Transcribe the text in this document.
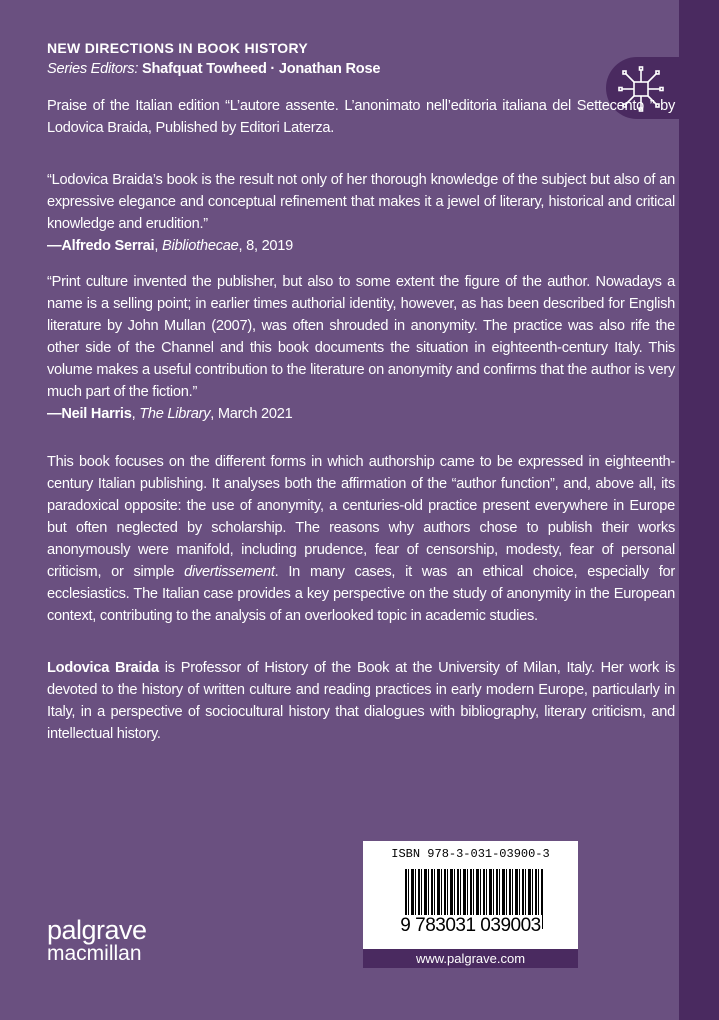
NEW DIRECTIONS IN BOOK HISTORY
Series Editors: Shafquat Towheed · Jonathan Rose

Praise of the Italian edition “L’autore assente. L’anonimato nell’editoria italiana del Settecento ” by Lodovica Braida, Published by Editori Laterza.

“Lodovica Braida’s book is the result not only of her thorough knowledge of the subject but also of an expressive elegance and conceptual refinement that makes it a jewel of literary, historical and critical knowledge and erudition.”

—Alfredo Serrai, Bibliothecae, 8, 2019

“Print culture invented the publisher, but also to some extent the figure of the author. Nowadays a name is a selling point; in earlier times authorial identity, however, as has been described for English literature by John Mullan (2007), was often shrouded in anonymity. The practice was also rife the other side of the Channel and this book documents the situation in eighteenth-century Italy. This volume makes a useful contribution to the literature on anonymity and confirms that the author is very much part of the fiction.”

—Neil Harris, The Library, March 2021

This book focuses on the different forms in which authorship came to be expressed in eighteenth-century Italian publishing. It analyses both the affirmation of the “author function”, and, above all, its paradoxical opposite: the use of anonymity, a centuries-old practice present everywhere in Europe but often neglected by scholarship. The reasons why authors chose to publish their works anonymously were manifold, including prudence, fear of censorship, modesty, fear of personal criticism, or simple divertissement. In many cases, it was an ethical choice, especially for ecclesiastics. The Italian case provides a key perspective on the study of anonymity in the European context, contributing to the analysis of an overlooked topic in academic studies.

Lodovica Braida is Professor of History of the Book at the University of Milan, Italy. Her work is devoted to the history of written culture and reading practices in early modern Europe, particularly in Italy, in a perspective of sociocultural history that dialogues with bibliography, literary criticism, and intellectual history.

palgrave
macmillan
ISBN 978-3-031-03900-3
9 783031 039003
www.palgrave.com
